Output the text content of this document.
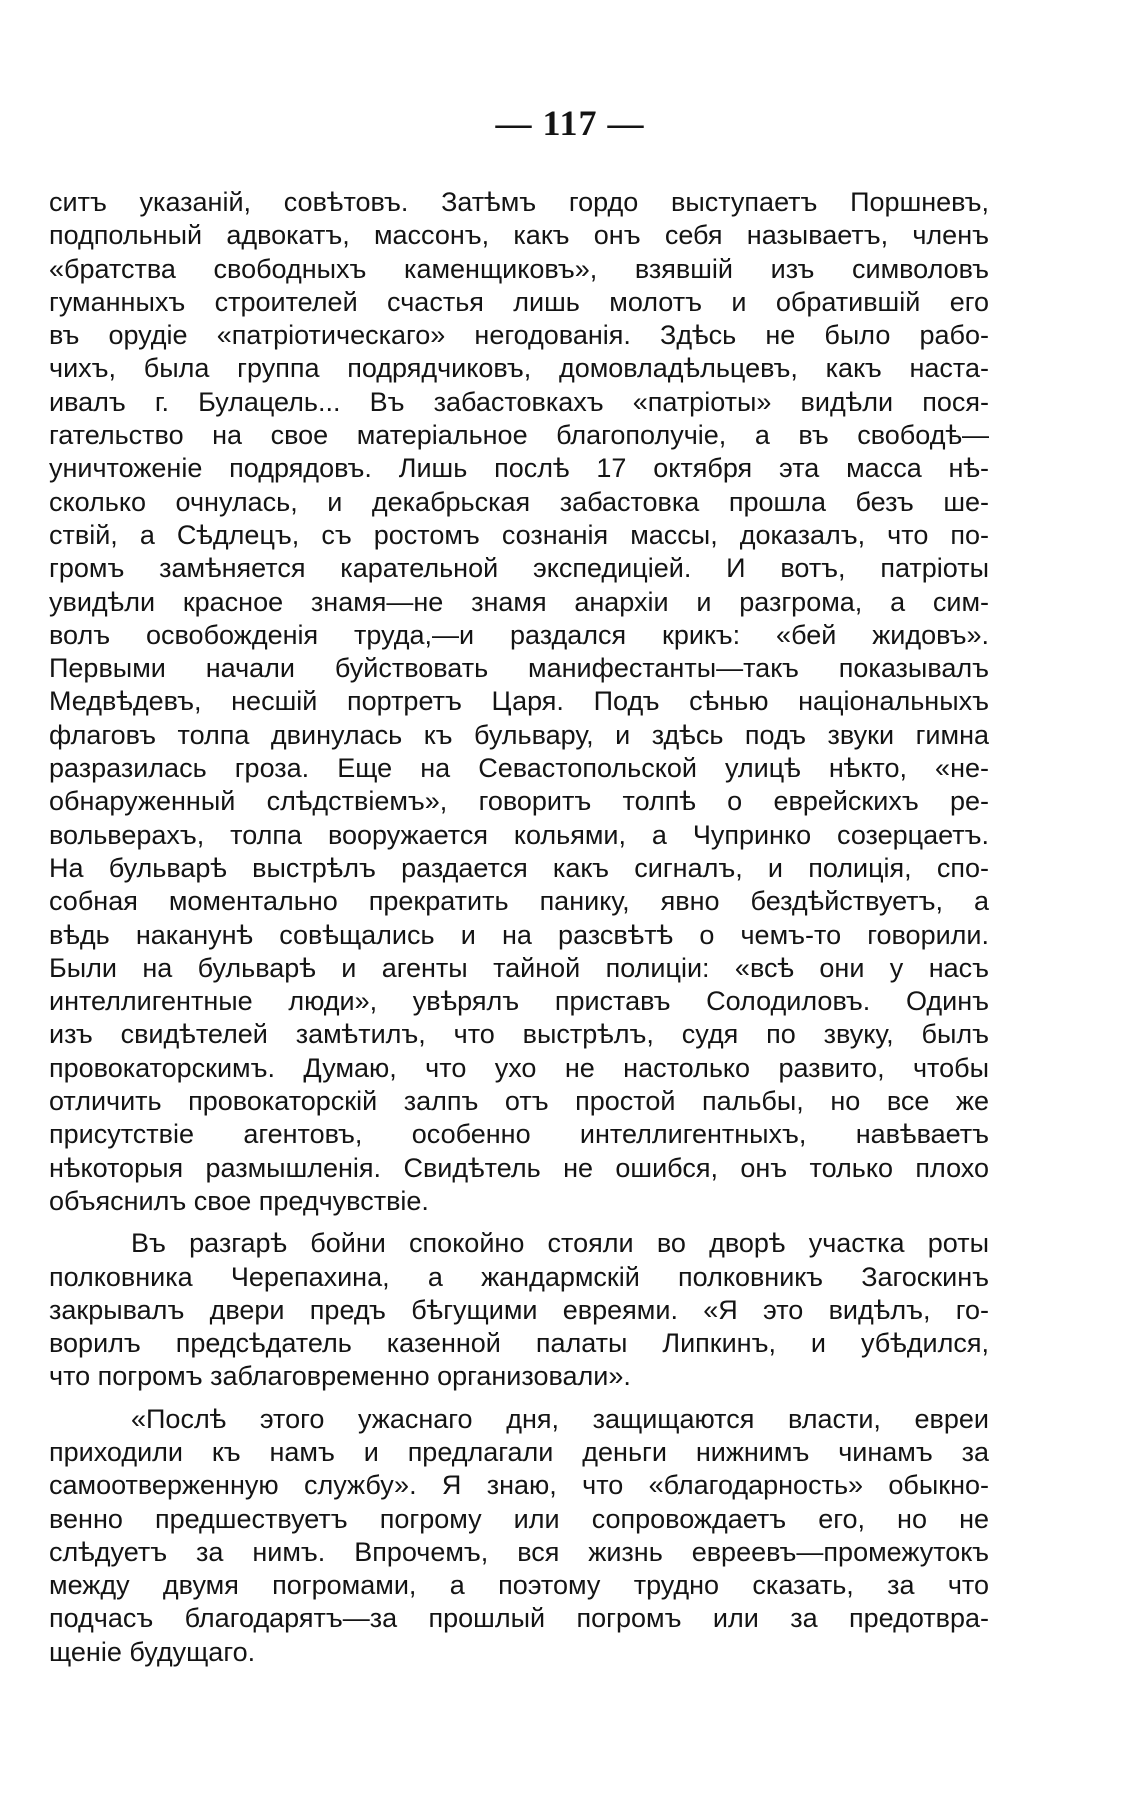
— 117 —

ситъ указаній, совѣтовъ. Затѣмъ гордо выступаетъ Поршневъ,
подпольный адвокатъ, массонъ, какъ онъ себя называетъ, членъ
«братства свободныхъ каменщиковъ», взявшій изъ символовъ
гуманныхъ строителей счастья лишь молотъ и обратившій его
въ орудіе «патріотическаго» негодованія. Здѣсь не было рабо-
чихъ, была группа подрядчиковъ, домовладѣльцевъ, какъ наста-
ивалъ г. Булацель... Въ забастовкахъ «патріоты» видѣли пося-
гательство на свое матеріальное благополучіе, а въ свободѣ—
уничтоженіе подрядовъ. Лишь послѣ 17 октября эта масса нѣ-
сколько очнулась, и декабрьская забастовка прошла безъ ше-
ствій, а Сѣдлецъ, съ ростомъ сознанія массы, доказалъ, что по-
громъ замѣняется карательной экспедиціей. И вотъ, патріоты
увидѣли красное знамя—не знамя анархіи и разгрома, а сим-
волъ освобожденія труда,—и раздался крикъ: «бей жидовъ».
Первыми начали буйствовать манифестанты—такъ показывалъ
Медвѣдевъ, несшій портретъ Царя. Подъ сѣнью національныхъ
флаговъ толпа двинулась къ бульвару, и здѣсь подъ звуки гимна
разразилась гроза. Еще на Севастопольской улицѣ нѣкто, «не-
обнаруженный слѣдствіемъ», говоритъ толпѣ о еврейскихъ ре-
вольверахъ, толпа вооружается кольями, а Чупринко созерцаетъ.
На бульварѣ выстрѣлъ раздается какъ сигналъ, и полиція, спо-
собная моментально прекратить панику, явно бездѣйствуетъ, а
вѣдь наканунѣ совѣщались и на разсвѣтѣ о чемъ-то говорили.
Были на бульварѣ и агенты тайной полиціи: «всѣ они у насъ
интеллигентные люди», увѣрялъ приставъ Солодиловъ. Одинъ
изъ свидѣтелей замѣтилъ, что выстрѣлъ, судя по звуку, былъ
провокаторскимъ. Думаю, что ухо не настолько развито, чтобы
отличить провокаторскій залпъ отъ простой пальбы, но все же
присутствіе агентовъ, особенно интеллигентныхъ, навѣваетъ
нѣкоторыя размышленія. Свидѣтель не ошибся, онъ только плохо
объяснилъ свое предчувствіе.

Въ разгарѣ бойни спокойно стояли во дворѣ участка роты
полковника Черепахина, а жандармскій полковникъ Загоскинъ
закрывалъ двери предъ бѣгущими евреями. «Я это видѣлъ, го-
ворилъ предсѣдатель казенной палаты Липкинъ, и убѣдился,
что погромъ заблаговременно организовали».

«Послѣ этого ужаснаго дня, защищаются власти, евреи
приходили къ намъ и предлагали деньги нижнимъ чинамъ за
самоотверженную службу». Я знаю, что «благодарность» обыкно-
венно предшествуетъ погрому или сопровождаетъ его, но не
слѣдуетъ за нимъ. Впрочемъ, вся жизнь евреевъ—промежутокъ
между двумя погромами, а поэтому трудно сказать, за что
подчасъ благодарятъ—за прошлый погромъ или за предотвра-
щеніе будущаго.
